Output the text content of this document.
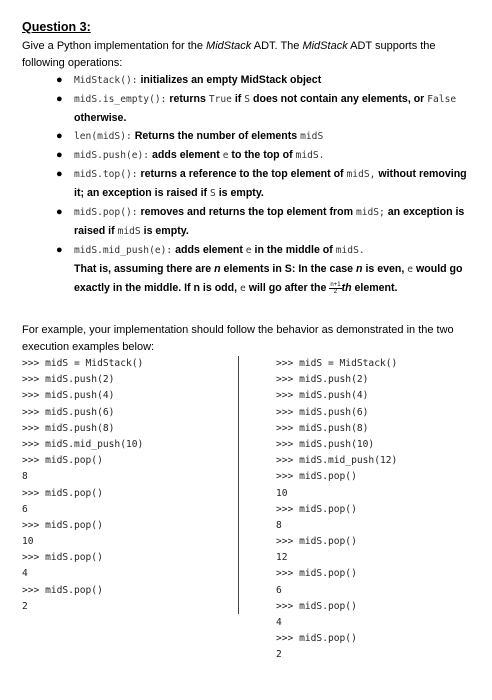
Question 3:
Give a Python implementation for the MidStack ADT. The MidStack ADT supports the following operations:
● MidStack(): initializes an empty MidStack object
● midS.is_empty(): returns True if S does not contain any elements, or False otherwise.
● len(midS): Returns the number of elements midS
● midS.push(e): adds element e to the top of midS.
● midS.top(): returns a reference to the top element of midS, without removing it; an exception is raised if S is empty.
● midS.pop(): removes and returns the top element from midS; an exception is raised if midS is empty.
● midS.mid_push(e): adds element e in the middle of midS.
That is, assuming there are n elements in S: In the case n is even, e would go exactly in the middle. If n is odd, e will go after the $\frac{n+1}{2}$ th element.
For example, your implementation should follow the behavior as demonstrated in the two execution examples below:
>>> midS = MidStack()
>>> midS.push(2)
>>> midS.push(4)
>>> midS.push(6)
>>> midS.push(8)
>>> midS.mid_push(10)
>>> midS.pop()
8
>>> midS.pop()
6
>>> midS.pop()
10
>>> midS.pop()
4
>>> midS.pop()
2
>>> midS = MidStack()
>>> midS.push(2)
>>> midS.push(4)
>>> midS.push(6)
>>> midS.push(8)
>>> midS.push(10)
>>> midS.mid_push(12)
>>> midS.pop()
10
>>> midS.pop()
8
>>> midS.pop()
12
>>> midS.pop()
6
>>> midS.pop()
4
>>> midS.pop()
2
